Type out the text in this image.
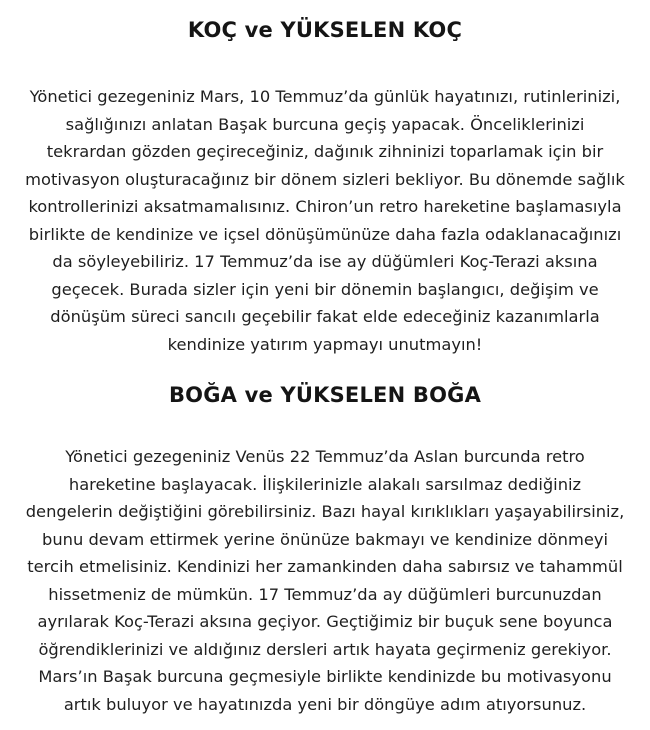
KOÇ ve YÜKSELEN KOÇ

Yönetici gezegeniniz Mars, 10 Temmuz’da günlük hayatınızı, rutinlerinizi, sağlığınızı anlatan Başak burcuna geçiş yapacak. Önceliklerinizi tekrardan gözden geçireceğiniz, dağınık zihninizi toparlamak için bir motivasyon oluşturacağınız bir dönem sizleri bekliyor. Bu dönemde sağlık kontrollerinizi aksatmamalısınız. Chiron’un retro hareketine başlamasıyla birlikte de kendinize ve içsel dönüşümünüze daha fazla odaklanacağınızı da söyleyebiliriz. 17 Temmuz’da ise ay düğümleri Koç-Terazi aksına geçecek. Burada sizler için yeni bir dönemin başlangıcı, değişim ve dönüşüm süreci sancılı geçebilir fakat elde edeceğiniz kazanımlarla kendinize yatırım yapmayı unutmayın!

BOĞA ve YÜKSELEN BOĞA

Yönetici gezegeniniz Venüs 22 Temmuz’da Aslan burcunda retro hareketine başlayacak. İlişkilerinizle alakalı sarsılmaz dediğiniz dengelerin değiştiğini görebilirsiniz. Bazı hayal kırıklıkları yaşayabilirsiniz, bunu devam ettirmek yerine önünüze bakmayı ve kendinize dönmeyi tercih etmelisiniz. Kendinizi her zamankinden daha sabırsız ve tahammül hissetmeniz de mümkün. 17 Temmuz’da ay düğümleri burcunuzdan ayrılarak Koç-Terazi aksına geçiyor. Geçtiğimiz bir buçuk sene boyunca öğrendiklerinizi ve aldığınız dersleri artık hayata geçirmeniz gerekiyor. Mars’ın Başak burcuna geçmesiyle birlikte kendinizde bu motivasyonu artık buluyor ve hayatınızda yeni bir döngüye adım atıyorsunuz.
